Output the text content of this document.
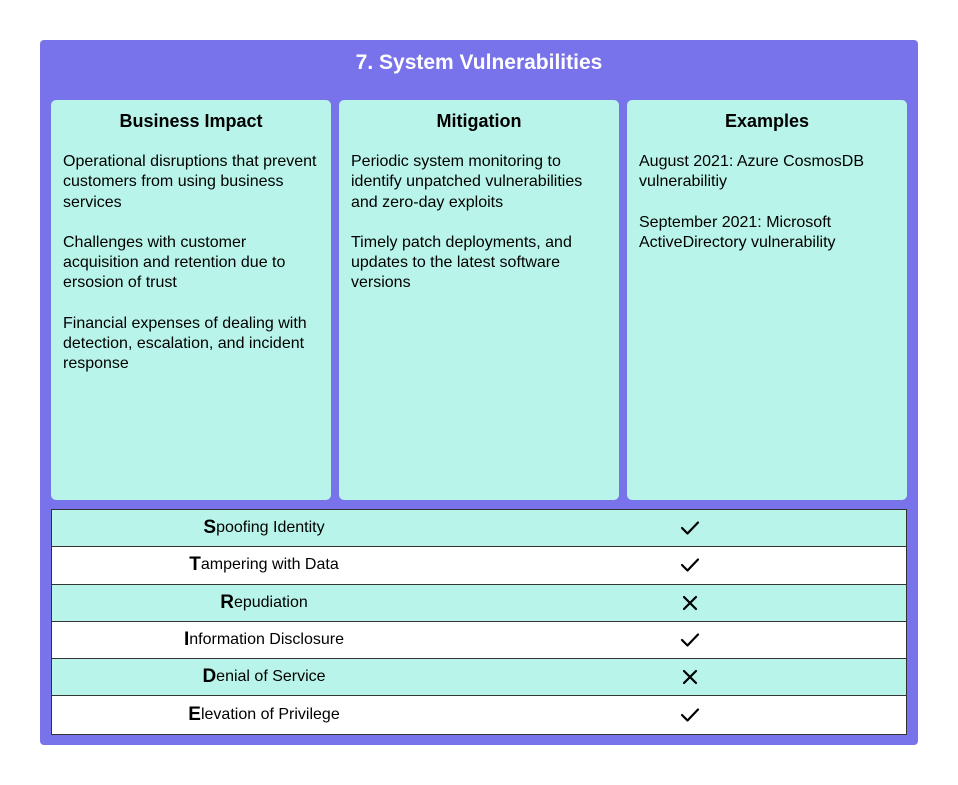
7. System Vulnerabilities
Business Impact

Operational disruptions that prevent customers from using business services

Challenges with customer acquisition and retention due to ersosion of trust

Financial expenses of dealing with detection, escalation, and incident response

Mitigation

Periodic system monitoring to identify unpatched vulnerabilities and zero-day exploits

Timely patch deployments, and updates to the latest software versions

Examples

August 2021: Azure CosmosDB vulnerabilitiy

September 2021: Microsoft ActiveDirectory vulnerability

S poofing Identity
T ampering with Data
R epudiation
I nformation Disclosure
D enial of Service
E levation of Privilege
